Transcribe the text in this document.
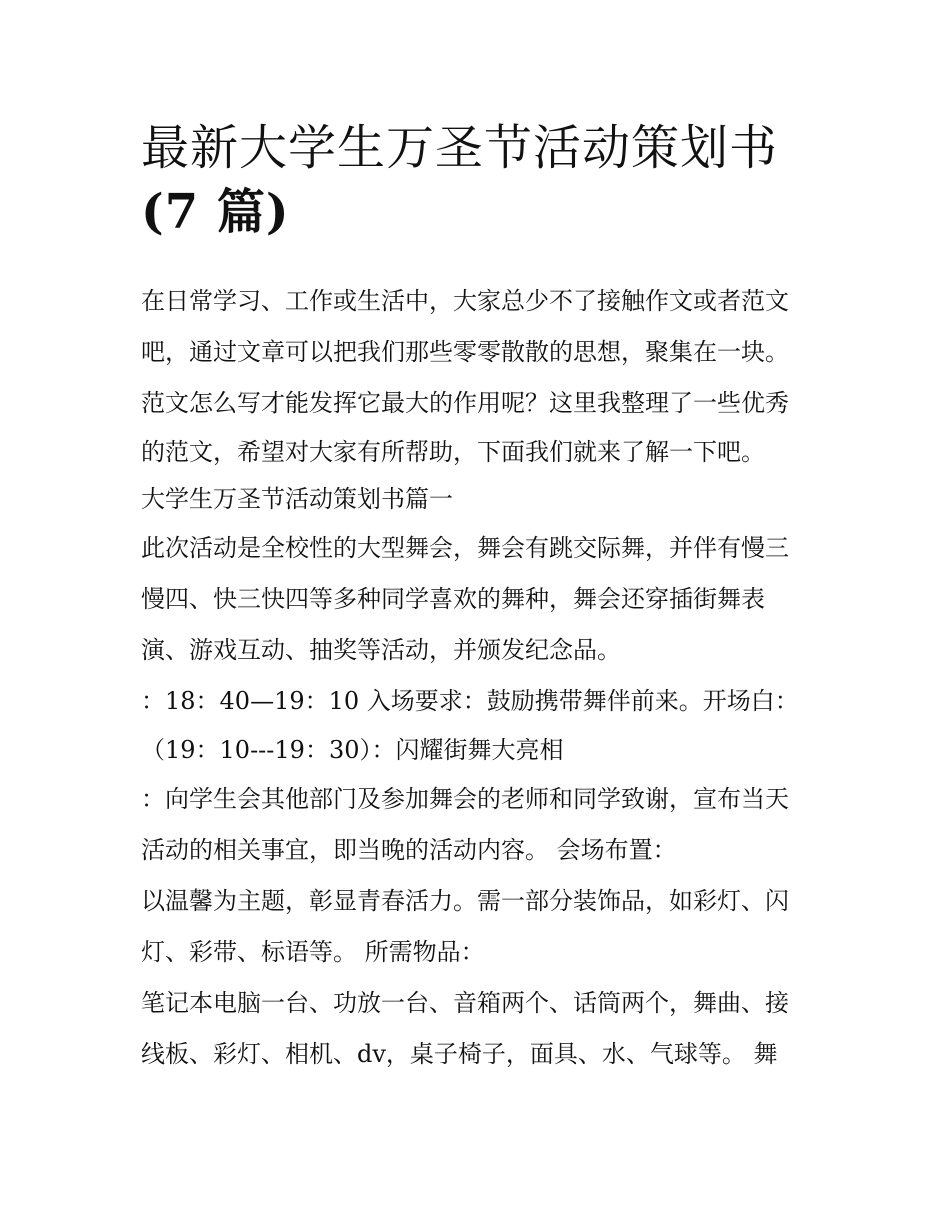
最新大学生万圣节活动策划书
(7 篇)

在日常学习、工作或生活中，大家总少不了接触作文或者范文

吧，通过文章可以把我们那些零零散散的思想，聚集在一块。

范文怎么写才能发挥它最大的作用呢？这里我整理了一些优秀

的范文，希望对大家有所帮助，下面我们就来了解一下吧。

大学生万圣节活动策划书篇一

此次活动是全校性的大型舞会，舞会有跳交际舞，并伴有慢三

慢四、快三快四等多种同学喜欢的舞种，舞会还穿插街舞表

演、游戏互动、抽奖等活动，并颁发纪念品。

：18：40—19：10 入场要求：鼓励携带舞伴前来。开场白：

（19：10---19：30）：闪耀街舞大亮相

：向学生会其他部门及参加舞会的老师和同学致谢，宣布当天

活动的相关事宜，即当晚的活动内容。 会场布置：

以温馨为主题，彰显青春活力。需一部分装饰品，如彩灯、闪

灯、彩带、标语等。 所需物品：

笔记本电脑一台、功放一台、音箱两个、话筒两个，舞曲、接

线板、彩灯、相机、dv，桌子椅子，面具、水、气球等。 舞
